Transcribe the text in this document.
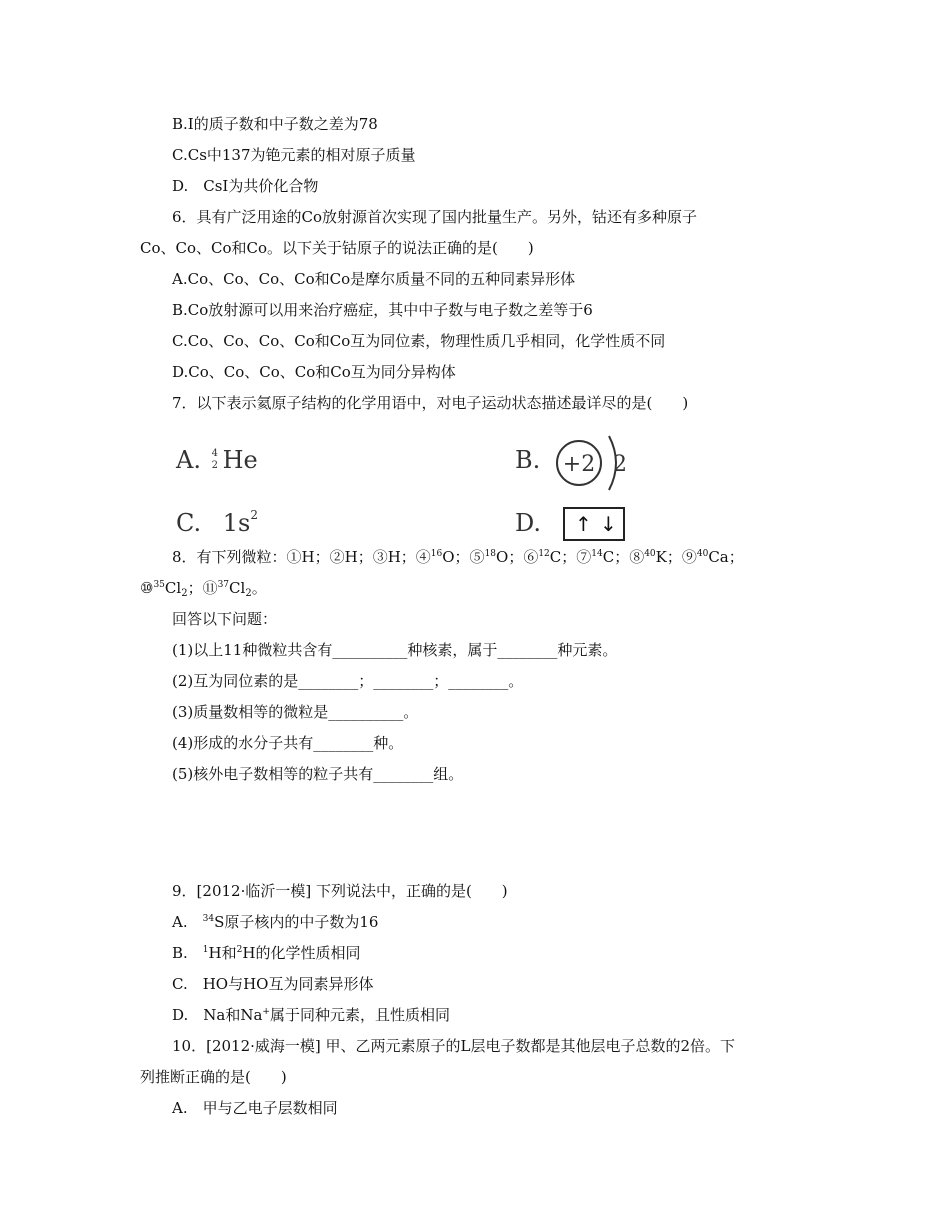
B.I的质子数和中子数之差为78
C.Cs中137为铯元素的相对原子质量
D.　CsI为共价化合物
6．具有广泛用途的Co放射源首次实现了国内批量生产。另外，钴还有多种原子
Co、Co、Co和Co。以下关于钴原子的说法正确的是(　　)
A.Co、Co、Co、Co和Co是摩尔质量不同的五种同素异形体
B.Co放射源可以用来治疗癌症，其中中子数与电子数之差等于6
C.Co、Co、Co、Co和Co互为同位素，物理性质几乎相同，化学性质不同
D.Co、Co、Co、Co和Co互为同分异构体
7．以下表示氦原子结构的化学用语中，对电子运动状态描述最详尽的是(　　)
A. 4
2 He	B. +2 2
C. $1s^2$	D. ↑ ↓
8．有下列微粒：①H；②H；③H；④$^{16}$O；⑤$^{18}$O；⑥$^{12}$C；⑦$^{14}$C；⑧$^{40}$K；⑨$^{40}$Ca；
$⑩^{35}Cl_2$；$⑪^{37}Cl_2$。
回答以下问题：
(1)以上11种微粒共含有__________种核素，属于________种元素。
(2)互为同位素的是________；________；________。
(3)质量数相等的微粒是__________。
(4)形成的水分子共有________种。
(5)核外电子数相等的粒子共有________组。
9．[2012·临沂一模] 下列说法中，正确的是(　　)
A.　$^{34}$S原子核内的中子数为16
B.　$^1$H和$^2$H的化学性质相同
C.　HO与HO互为同素异形体
D.　Na和Na+属于同种元素，且性质相同
10．[2012·威海一模] 甲、乙两元素原子的L层电子数都是其他层电子总数的2倍。下
列推断正确的是(　　)
A.　甲与乙电子层数相同
